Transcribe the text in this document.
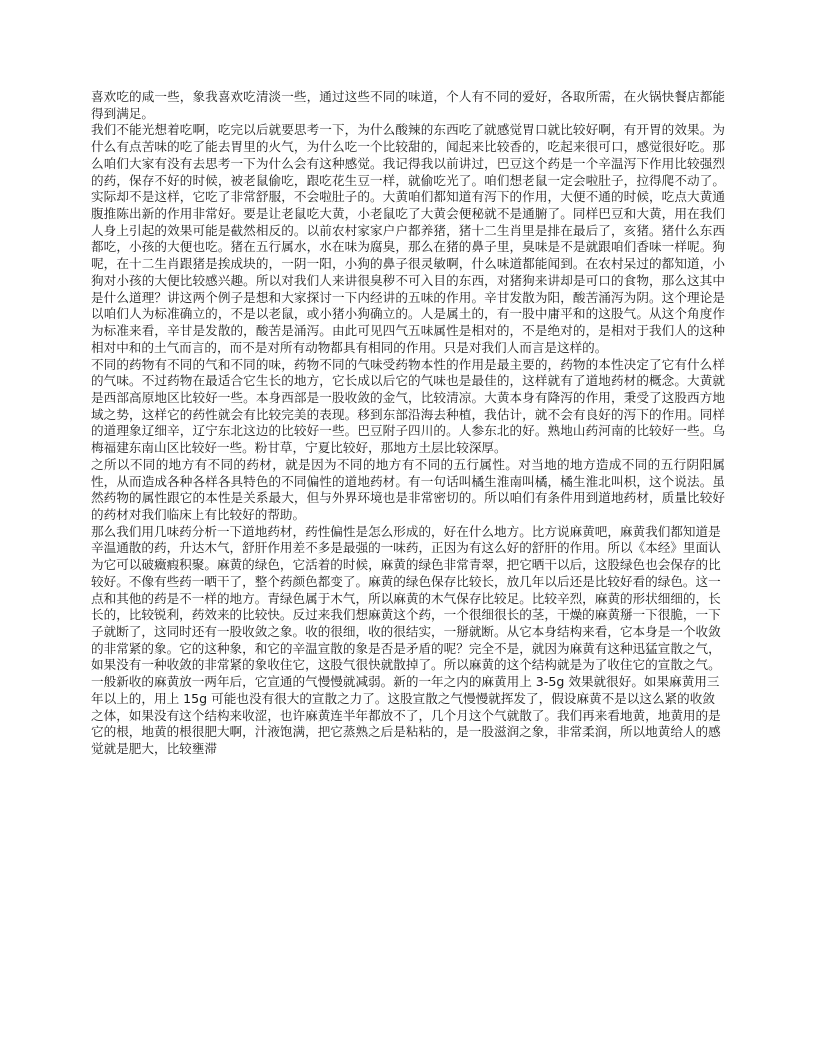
喜欢吃的咸一些，象我喜欢吃清淡一些，通过这些不同的味道，个人有不同的爱好，各取所需，在火锅快餐店都能得到满足。

我们不能光想着吃啊，吃完以后就要思考一下，为什么酸辣的东西吃了就感觉胃口就比较好啊，有开胃的效果。为什么有点苦味的吃了能去胃里的火气，为什么吃一个比较甜的，闻起来比较香的，吃起来很可口，感觉很好吃。那么咱们大家有没有去思考一下为什么会有这种感觉。我记得我以前讲过，巴豆这个药是一个辛温泻下作用比较强烈的药，保存不好的时候，被老鼠偷吃，跟吃花生豆一样，就偷吃光了。咱们想老鼠一定会啦肚子，拉得爬不动了。实际却不是这样，它吃了非常舒服，不会啦肚子的。大黄咱们都知道有泻下的作用，大便不通的时候，吃点大黄通腹推陈出新的作用非常好。要是让老鼠吃大黄，小老鼠吃了大黄会便秘就不是通腑了。同样巴豆和大黄，用在我们人身上引起的效果可能是截然相反的。以前农村家家户户都养猪，猪十二生肖里是排在最后了，亥猪。猪什么东西都吃，小孩的大便也吃。猪在五行属水，水在味为腐臭，那么在猪的鼻子里，臭味是不是就跟咱们香味一样呢。狗呢，在十二生肖跟猪是挨成块的，一阴一阳，小狗的鼻子很灵敏啊，什么味道都能闻到。在农村呆过的都知道，小狗对小孩的大便比较感兴趣。所以对我们人来讲很臭秽不可入目的东西，对猪狗来讲却是可口的食物，那么这其中是什么道理？讲这两个例子是想和大家探讨一下内经讲的五味的作用。辛甘发散为阳，酸苦涌泻为阴。这个理论是以咱们人为标准确立的，不是以老鼠，或小猪小狗确立的。人是属土的，有一股中庸平和的这股气。从这个角度作为标准来看，辛甘是发散的，酸苦是涌泻。由此可见四气五味属性是相对的，不是绝对的，是相对于我们人的这种相对中和的土气而言的，而不是对所有动物都具有相同的作用。只是对我们人而言是这样的。

不同的药物有不同的气和不同的味，药物不同的气味受药物本性的作用是最主要的，药物的本性决定了它有什么样的气味。不过药物在最适合它生长的地方，它长成以后它的气味也是最佳的，这样就有了道地药材的概念。大黄就是西部高原地区比较好一些。本身西部是一股收敛的金气，比较清凉。大黄本身有降泻的作用，秉受了这股西方地域之势，这样它的药性就会有比较完美的表现。移到东部沿海去种植，我估计，就不会有良好的泻下的作用。同样的道理象辽细辛，辽宁东北这边的比较好一些。巴豆附子四川的。人参东北的好。熟地山药河南的比较好一些。乌梅福建东南山区比较好一些。粉甘草，宁夏比较好，那地方土层比较深厚。

之所以不同的地方有不同的药材，就是因为不同的地方有不同的五行属性。对当地的地方造成不同的五行阴阳属性，从而造成各种各样各具特色的不同偏性的道地药材。有一句话叫橘生淮南叫橘，橘生淮北叫枳，这个说法。虽然药物的属性跟它的本性是关系最大，但与外界环境也是非常密切的。所以咱们有条件用到道地药材，质量比较好的药材对我们临床上有比较好的帮助。

那么我们用几味药分析一下道地药材，药性偏性是怎么形成的，好在什么地方。比方说麻黄吧，麻黄我们都知道是辛温通散的药，升达木气，舒肝作用差不多是最强的一味药，正因为有这么好的舒肝的作用。所以《本经》里面认为它可以破癥瘕积聚。麻黄的绿色，它活着的时候，麻黄的绿色非常青翠，把它晒干以后，这股绿色也会保存的比较好。不像有些药一晒干了，整个药颜色都变了。麻黄的绿色保存比较长，放几年以后还是比较好看的绿色。这一点和其他的药是不一样的地方。青绿色属于木气，所以麻黄的木气保存比较足。比较辛烈，麻黄的形状细细的，长长的，比较锐利，药效来的比较快。反过来我们想麻黄这个药，一个很细很长的茎，干燥的麻黄掰一下很脆，一下子就断了，这同时还有一股收敛之象。收的很细，收的很结实，一掰就断。从它本身结构来看，它本身是一个收敛的非常紧的象。它的这种象，和它的辛温宣散的象是否是矛盾的呢？完全不是，就因为麻黄有这种迅猛宣散之气，如果没有一种收敛的非常紧的象收住它，这股气很快就散掉了。所以麻黄的这个结构就是为了收住它的宣散之气。一般新收的麻黄放一两年后，它宣通的气慢慢就减弱。新的一年之内的麻黄用上 3-5g 效果就很好。如果麻黄用三年以上的，用上 15g 可能也没有很大的宣散之力了。这股宣散之气慢慢就挥发了，假设麻黄不是以这么紧的收敛之体，如果没有这个结构来收涩，也许麻黄连半年都放不了，几个月这个气就散了。我们再来看地黄，地黄用的是它的根，地黄的根很肥大啊，汁液饱满，把它蒸熟之后是粘粘的，是一股滋润之象，非常柔润，所以地黄给人的感觉就是肥大，比较壅滞
